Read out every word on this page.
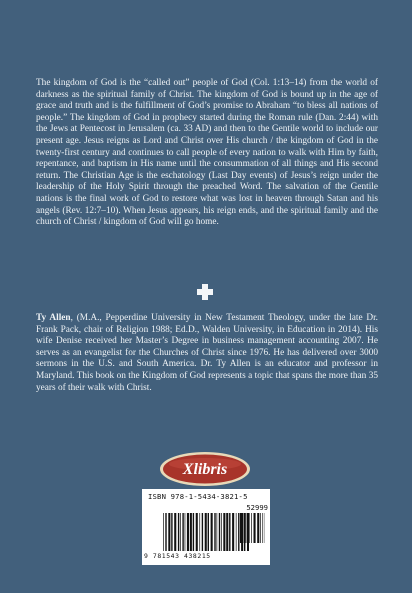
The kingdom of God is the “called out” people of God (Col. 1:13–14) from the world of darkness as the spiritual family of Christ. The kingdom of God is bound up in the age of grace and truth and is the fulfillment of God’s promise to Abraham “to bless all nations of people.” The kingdom of God in prophecy started during the Roman rule (Dan. 2:44) with the Jews at Pentecost in Jerusalem (ca. 33 AD) and then to the Gentile world to include our present age. Jesus reigns as Lord and Christ over His church / the kingdom of God in the twenty-first century and continues to call people of every nation to walk with Him by faith, repentance, and baptism in His name until the consummation of all things and His second return. The Christian Age is the eschatology (Last Day events) of Jesus’s reign under the leadership of the Holy Spirit through the preached Word. The salvation of the Gentile nations is the final work of God to restore what was lost in heaven through Satan and his angels (Rev. 12:7–10). When Jesus appears, his reign ends, and the spiritual family and the church of Christ / kingdom of God will go home.

Ty Allen, (M.A., Pepperdine University in New Testament Theology, under the late Dr. Frank Pack, chair of Religion 1988; Ed.D., Walden University, in Education in 2014). His wife Denise received her Master’s Degree in business management accounting 2007. He serves as an evangelist for the Churches of Christ since 1976. He has delivered over 3000 sermons in the U.S. and South America. Dr. Ty Allen is an educator and professor in Maryland. This book on the Kingdom of God represents a topic that spans the more than 35 years of their walk with Christ.

Xlibris
ISBN 978-1-5434-3821-5
52999
9 781543 438215
